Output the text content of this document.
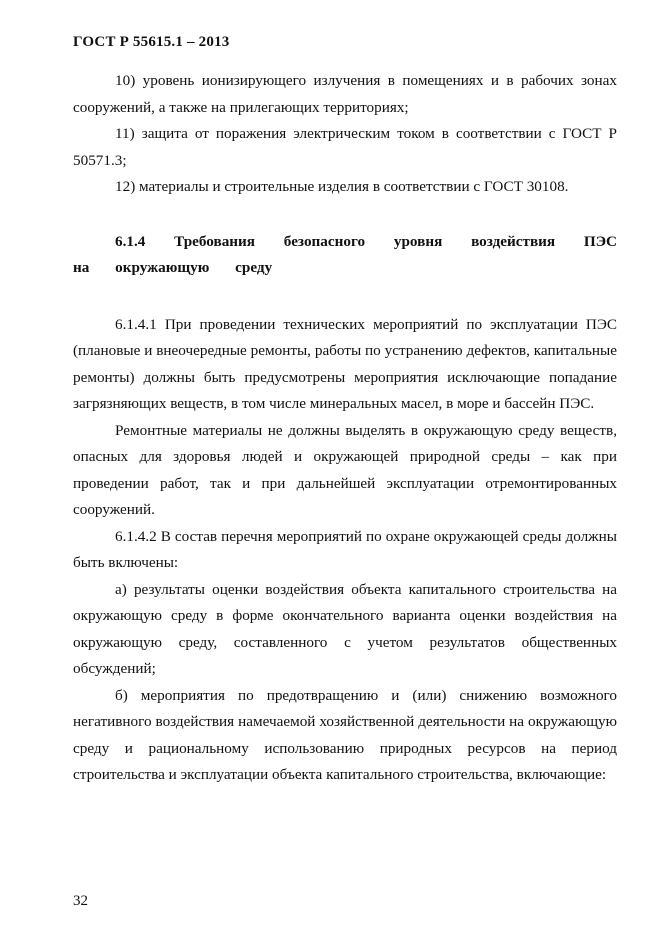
ГОСТ Р 55615.1 – 2013

10) уровень ионизирующего излучения в помещениях и в рабочих зонах сооружений, а также на прилегающих территориях;

11) защита от поражения электрическим током в соответствии с ГОСТ Р 50571.3;

12) материалы и строительные изделия в соответствии с ГОСТ 30108.

6.1.4 Требования безопасного уровня воздействия ПЭС на окружающую среду

6.1.4.1 При проведении технических мероприятий по эксплуатации ПЭС (плановые и внеочередные ремонты, работы по устранению дефектов, капитальные ремонты) должны быть предусмотрены мероприятия исключающие попадание загрязняющих веществ, в том числе минеральных масел, в море и бассейн ПЭС.

Ремонтные материалы не должны выделять в окружающую среду веществ, опасных для здоровья людей и окружающей природной среды – как при проведении работ, так и при дальнейшей эксплуатации отремонтированных сооружений.

6.1.4.2 В состав перечня мероприятий по охране окружающей среды должны быть включены:

а) результаты оценки воздействия объекта капитального строительства на окружающую среду в форме окончательного варианта оценки воздействия на окружающую среду, составленного с учетом результатов общественных обсуждений;

б) мероприятия по предотвращению и (или) снижению возможного негативного воздействия намечаемой хозяйственной деятельности на окружающую среду и рациональному использованию природных ресурсов на период строительства и эксплуатации объекта капитального строительства, включающие:

32
